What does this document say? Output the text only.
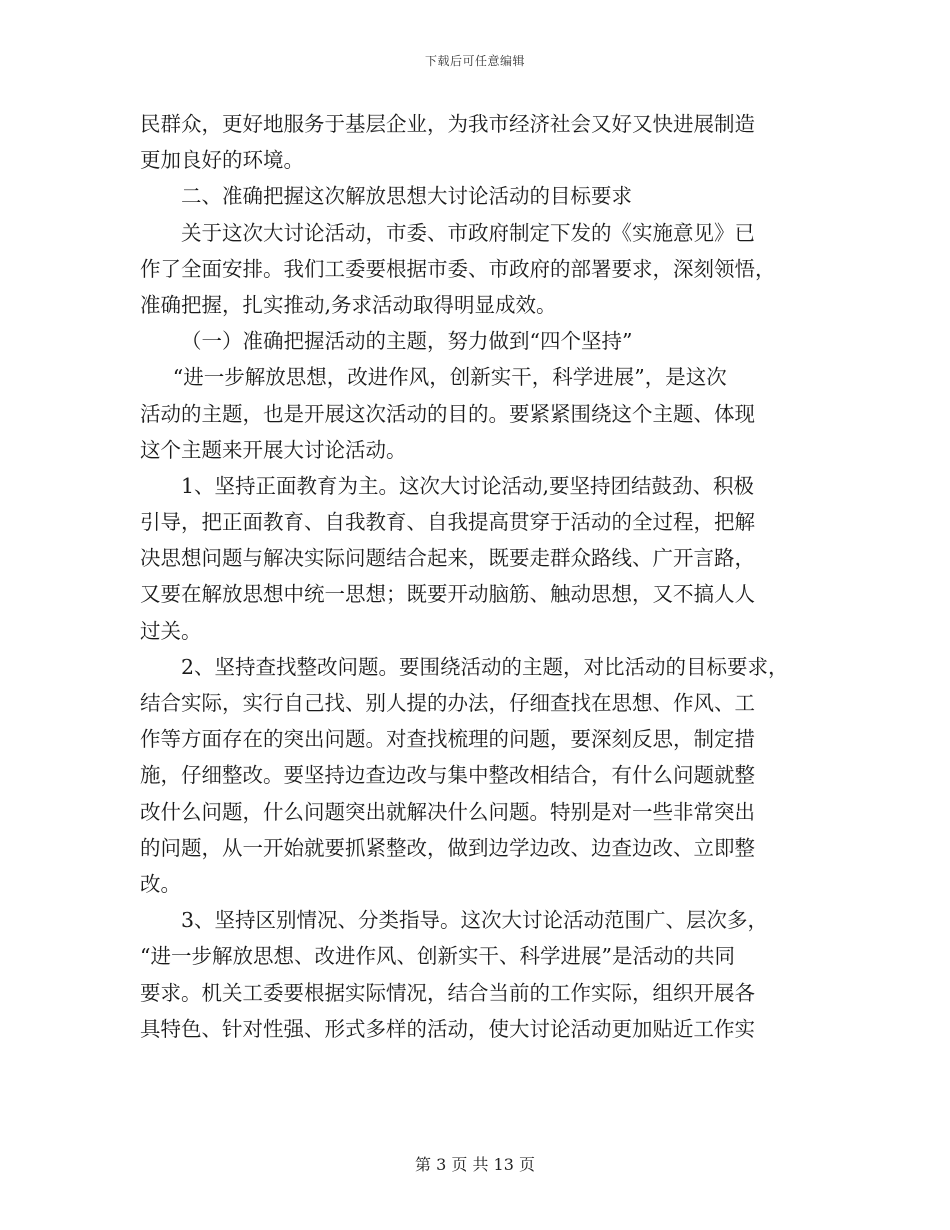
下载后可任意编辑
民群众，更好地服务于基层企业，为我市经济社会又好又快进展制造
更加良好的环境。
二、准确把握这次解放思想大讨论活动的目标要求
关于这次大讨论活动，市委、市政府制定下发的《实施意见》已
作了全面安排。我们工委要根据市委、市政府的部署要求，深刻领悟，
准确把握，扎实推动,务求活动取得明显成效。
（一）准确把握活动的主题，努力做到“四个坚持”
“进一步解放思想，改进作风，创新实干，科学进展”，是这次
活动的主题，也是开展这次活动的目的。要紧紧围绕这个主题、体现
这个主题来开展大讨论活动。
1、坚持正面教育为主。这次大讨论活动,要坚持团结鼓劲、积极
引导，把正面教育、自我教育、自我提高贯穿于活动的全过程，把解
决思想问题与解决实际问题结合起来，既要走群众路线、广开言路，
又要在解放思想中统一思想；既要开动脑筋、触动思想，又不搞人人
过关。
2、坚持查找整改问题。要围绕活动的主题，对比活动的目标要求，
结合实际，实行自己找、别人提的办法，仔细查找在思想、作风、工
作等方面存在的突出问题。对查找梳理的问题，要深刻反思，制定措
施，仔细整改。要坚持边查边改与集中整改相结合，有什么问题就整
改什么问题，什么问题突出就解决什么问题。特别是对一些非常突出
的问题，从一开始就要抓紧整改，做到边学边改、边查边改、立即整
改。
3、坚持区别情况、分类指导。这次大讨论活动范围广、层次多，
“进一步解放思想、改进作风、创新实干、科学进展”是活动的共同
要求。机关工委要根据实际情况，结合当前的工作实际，组织开展各
具特色、针对性强、形式多样的活动，使大讨论活动更加贴近工作实
第 3 页 共 13 页
